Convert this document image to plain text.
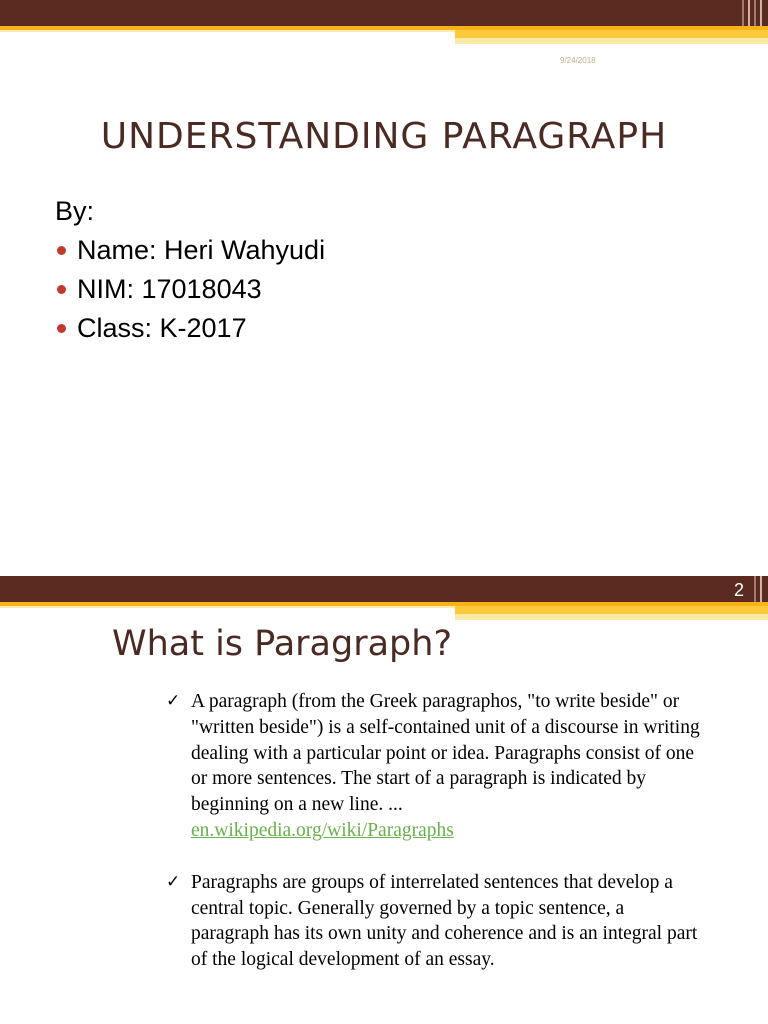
9/24/2018
UNDERSTANDING PARAGRAPH
By:
Name: Heri Wahyudi
NIM: 17018043
Class: K-2017
2
What is Paragraph?
✓ A paragraph (from the Greek paragraphos, "to write beside" or "written beside") is a self-contained unit of a discourse in writing dealing with a particular point or idea. Paragraphs consist of one or more sentences. The start of a paragraph is indicated by beginning on a new line. ...
en.wikipedia.org/wiki/Paragraphs
✓ Paragraphs are groups of interrelated sentences that develop a central topic. Generally governed by a topic sentence, a paragraph has its own unity and coherence and is an integral part of the logical development of an essay.
